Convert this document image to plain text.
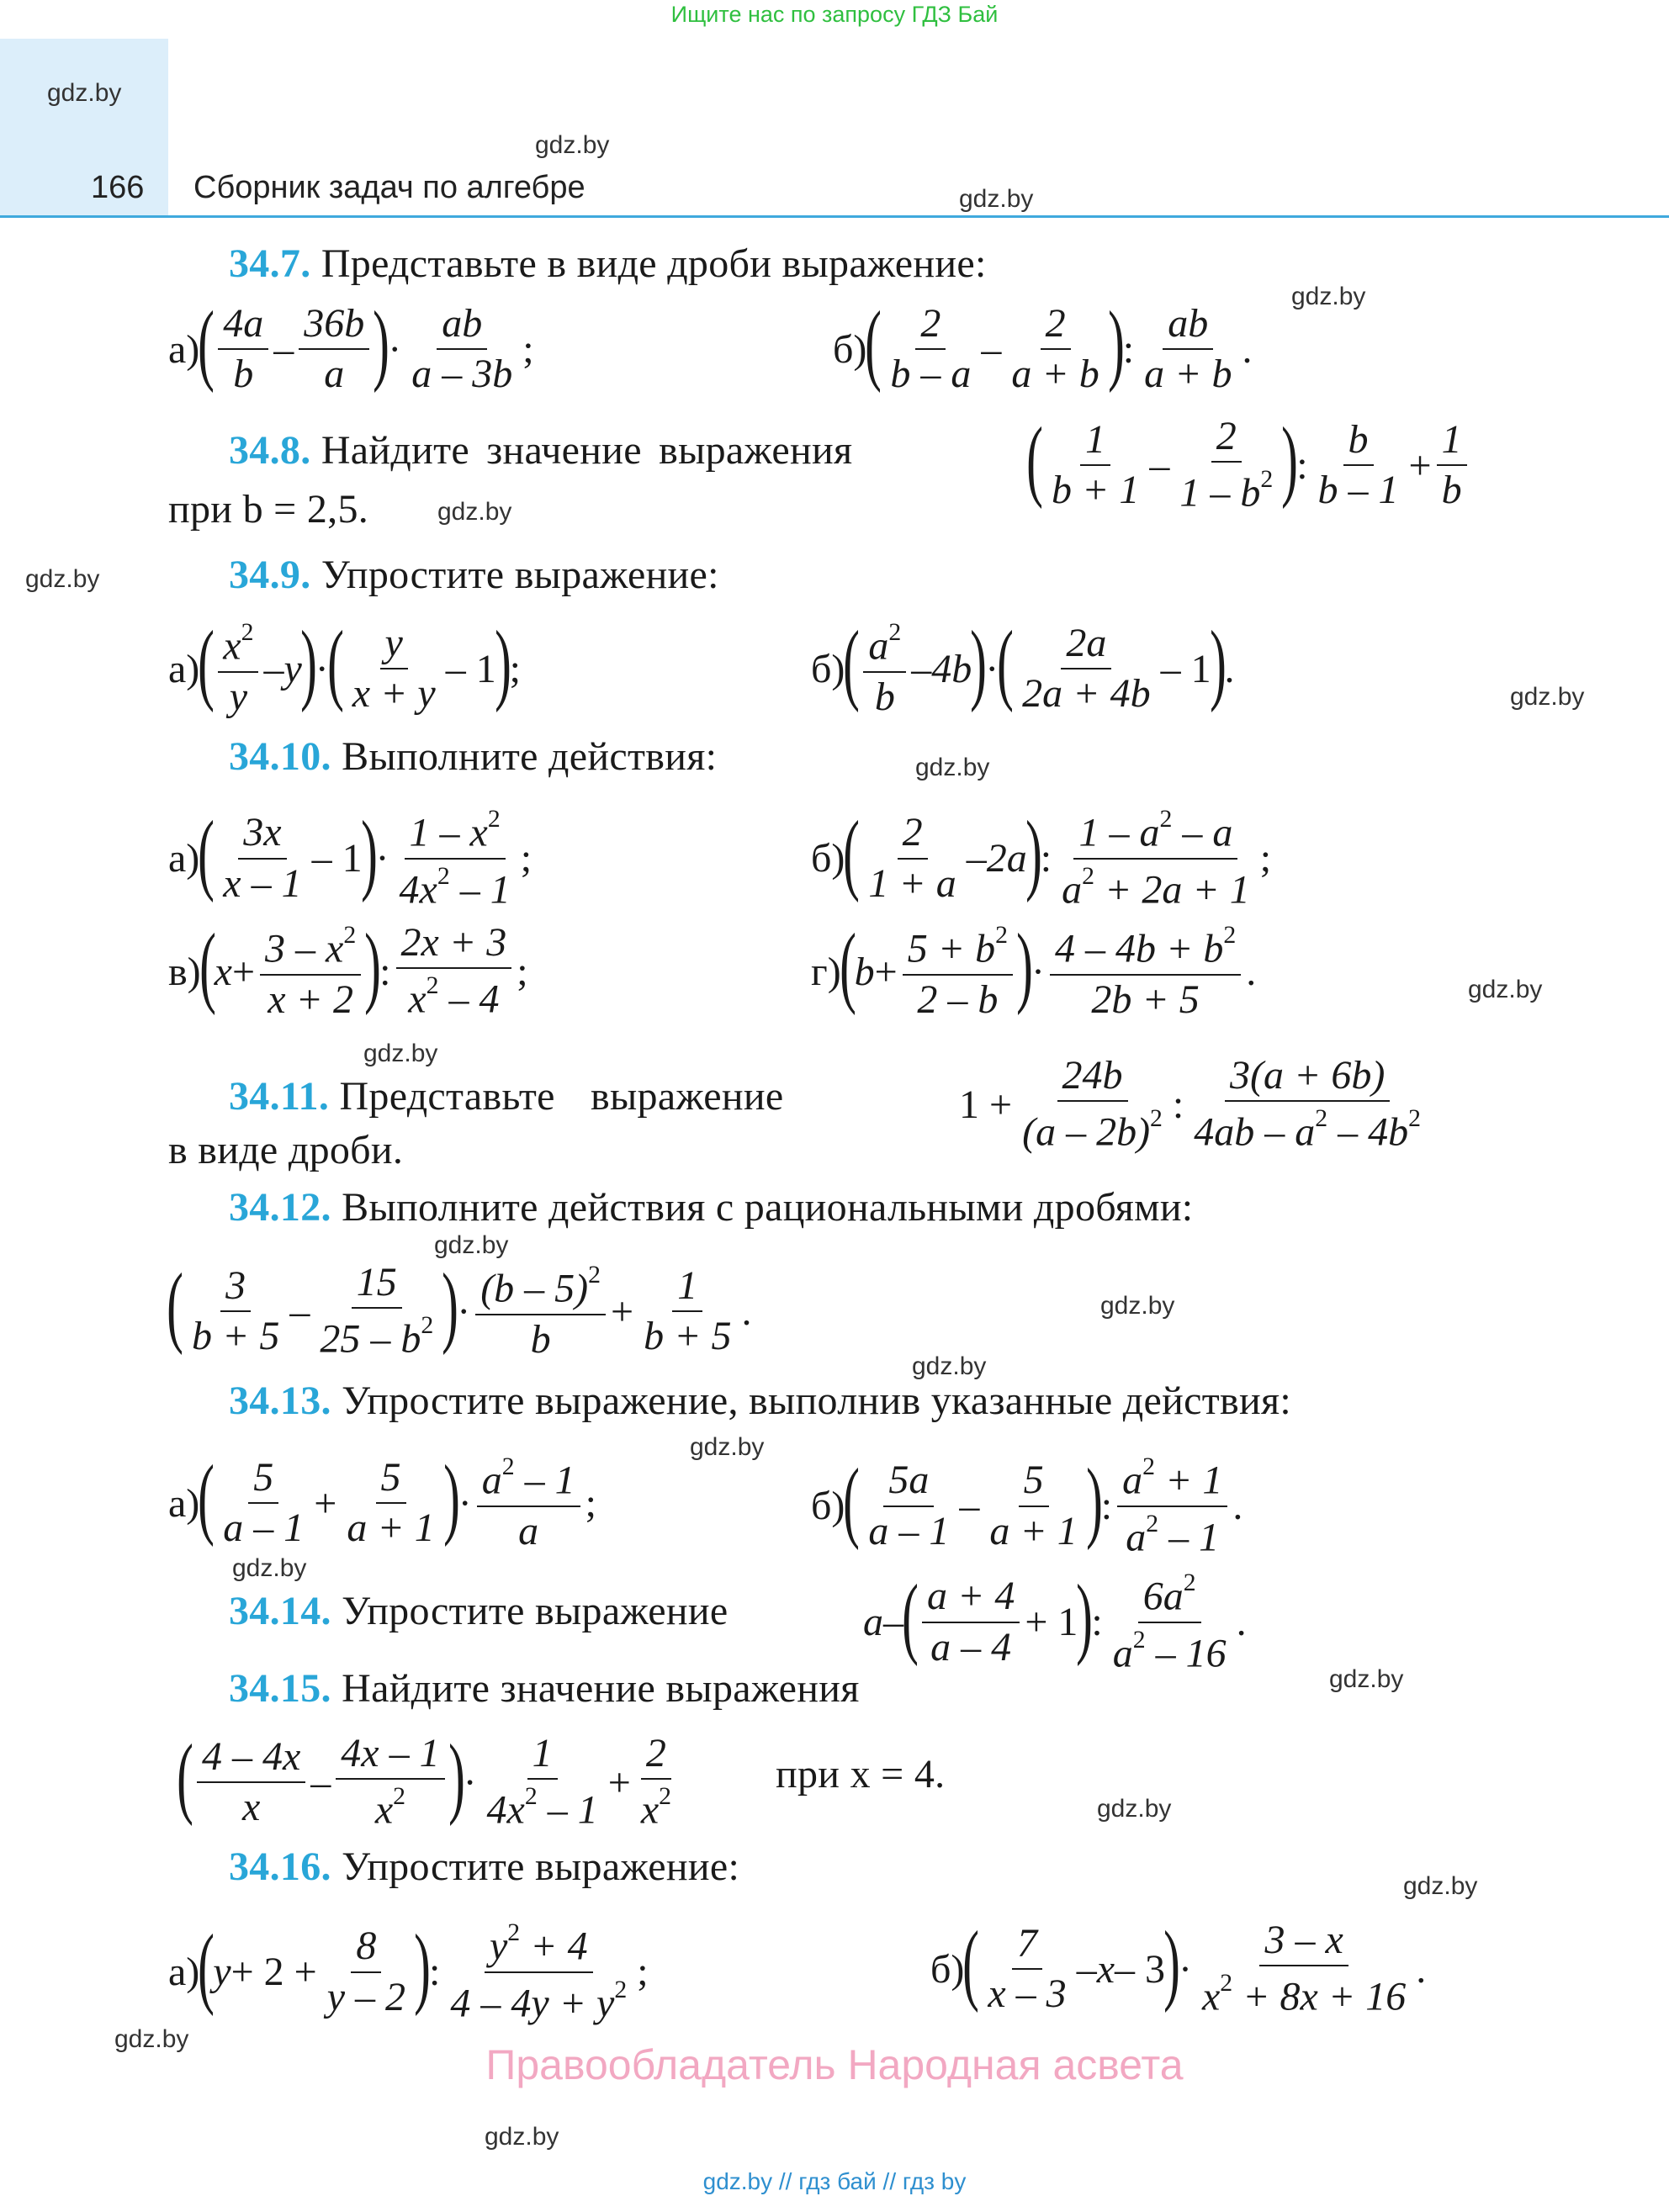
Ищите нас по запросу ГДЗ Бай
gdz.by
166 Сборник задач по алгебре
gdz.by
gdz.by
gdz.by
gdz.by
gdz.by
gdz.by
gdz.by
gdz.by
gdz.by
gdz.by
gdz.by
gdz.by
gdz.by
gdz.by
gdz.by
gdz.by
gdz.by
gdz.by
gdz.by
34.7. Представьте в виде дроби выражение:
а)
( $\frac{4a}{b} - \frac{36b}{a}$ )
· $\frac{ab}{a - 3b}$ ;	б)
( $\frac{2}{b - a} - \frac{2}{a + b}$ )
: $\frac{ab}{a + b}$ .
34.8. Найдите значение выражения ( $\frac{1}{b + 1} - \frac{2}{1 - b^2}$ )
: $\frac{b}{b - 1} + \frac{1}{b}$
при b = 2,5.
34.9. Упростите выражение:
а)
( $\frac{x^2}{y}$ – y
)
·
( $\frac{y}{x + y} - 1$
)
;	б)
( $\frac{a^2}{b} - 4b$
)
·
( $\frac{2a}{2a + 4b} - 1$
)
.
34.10. Выполните действия:
а)
( $\frac{3x}{x - 1} - 1$
)
· $\frac{1 - x^2}{4x^2 - 1}$ ;	б)
( $\frac{2}{1 + a} - 2a$
)
: $\frac{1 - a^2 - a}{a^2 + 2a + 1}$ ;
в)
(
$x + \frac{3 - x^2}{x + 2}$ )
: $\frac{2x + 3}{x^2 - 4}$ ;	г)
(
$b + \frac{5 + b^2}{2 - b}$ )
· $\frac{4 - 4b + b^2}{2b + 5}$ .
34.11. Представьте выражение	$1 + \frac{24b}{(a - 2b)^2}$ : $\frac{3(a + 6b)}{4ab - a^2 - 4b^2}$
в виде дроби.
34.12. Выполните действия с рациональными дробями:
( $\frac{3}{b + 5} - \frac{15}{25 - b^2}$ )
· $\frac{(b - 5)^2}{b} + \frac{1}{b + 5}$ .
34.13. Упростите выражение, выполнив указанные действия:
а)
( $\frac{5}{a - 1} + \frac{5}{a + 1}$ )
· $\frac{a^2 - 1}{a}$ ;	б)
( $\frac{5a}{a - 1} - \frac{5}{a + 1}$ )
: $\frac{a^2 + 1}{a^2 - 1}$ .
34.14. Упростите выражение	a –
( $\frac{a + 4}{a - 4} + 1$
)
: $\frac{6a^2}{a^2 - 16}$ .
34.15. Найдите значение выражения
( $\frac{4 - 4x}{x} - \frac{4x - 1}{x^2}$ )
· $\frac{1}{4x^2 - 1} + \frac{2}{x^2}$ при x = 4.
34.16. Упростите выражение:
а)
(
$y + 2 + \frac{8}{y - 2}$ )
: $\frac{y^2 + 4}{4 - 4y + y^2}$ ;	б)
( $\frac{7}{x - 3}$ – x – 3
)
· $\frac{3 - x}{x^2 + 8x + 16}$ .
Правообладатель Народная асвета
gdz.by // гдз бай // гдз by
